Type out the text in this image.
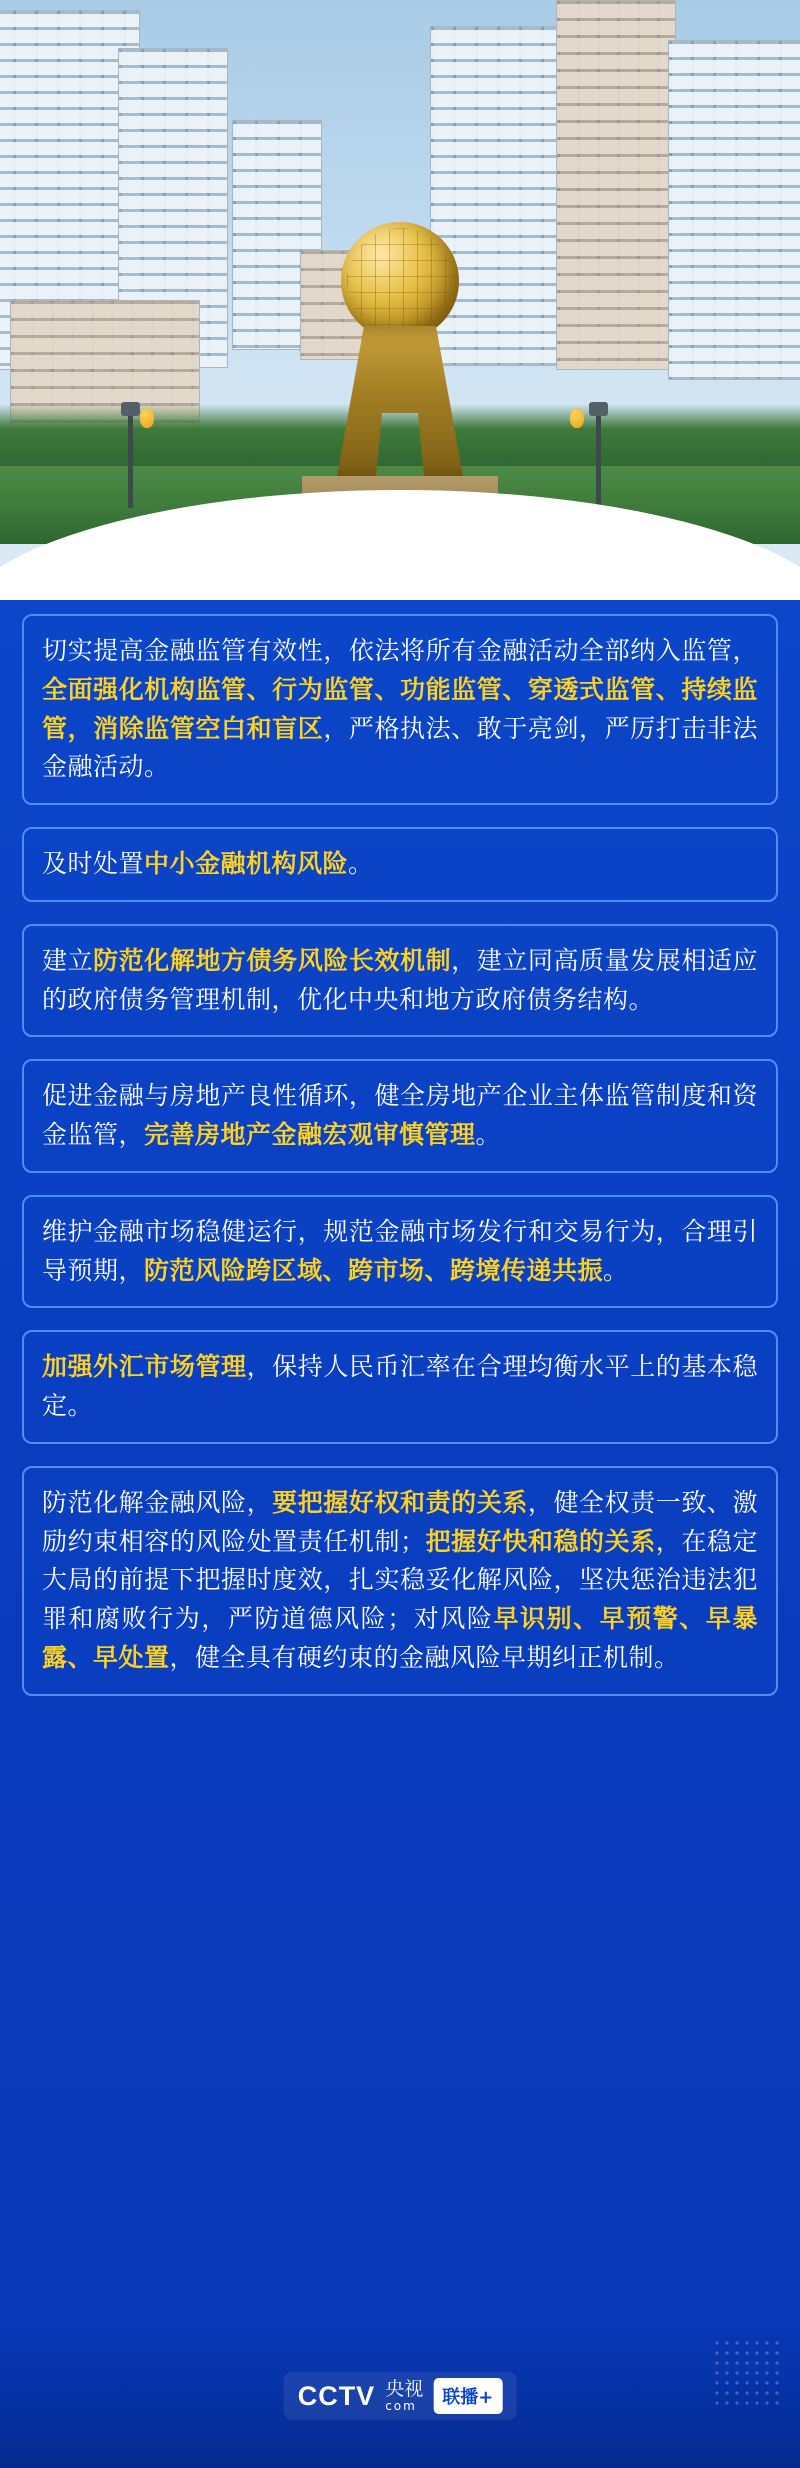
切实提高金融监管有效性，依法将所有金融活动全部纳入监管，全面强化机构监管、行为监管、功能监管、穿透式监管、持续监管，消除监管空白和盲区，严格执法、敢于亮剑，严厉打击非法金融活动。
及时处置中小金融机构风险。
建立防范化解地方债务风险长效机制，建立同高质量发展相适应的政府债务管理机制，优化中央和地方政府债务结构。
促进金融与房地产良性循环，健全房地产企业主体监管制度和资金监管，完善房地产金融宏观审慎管理。
维护金融市场稳健运行，规范金融市场发行和交易行为，合理引导预期，防范风险跨区域、跨市场、跨境传递共振。
加强外汇市场管理，保持人民币汇率在合理均衡水平上的基本稳定。
防范化解金融风险，要把握好权和责的关系，健全权责一致、激励约束相容的风险处置责任机制；把握好快和稳的关系，在稳定大局的前提下把握时度效，扎实稳妥化解风险，坚决惩治违法犯罪和腐败行为，严防道德风险；对风险早识别、早预警、早暴露、早处置，健全具有硬约束的金融风险早期纠正机制。
CCTV 央视
com	联播+
